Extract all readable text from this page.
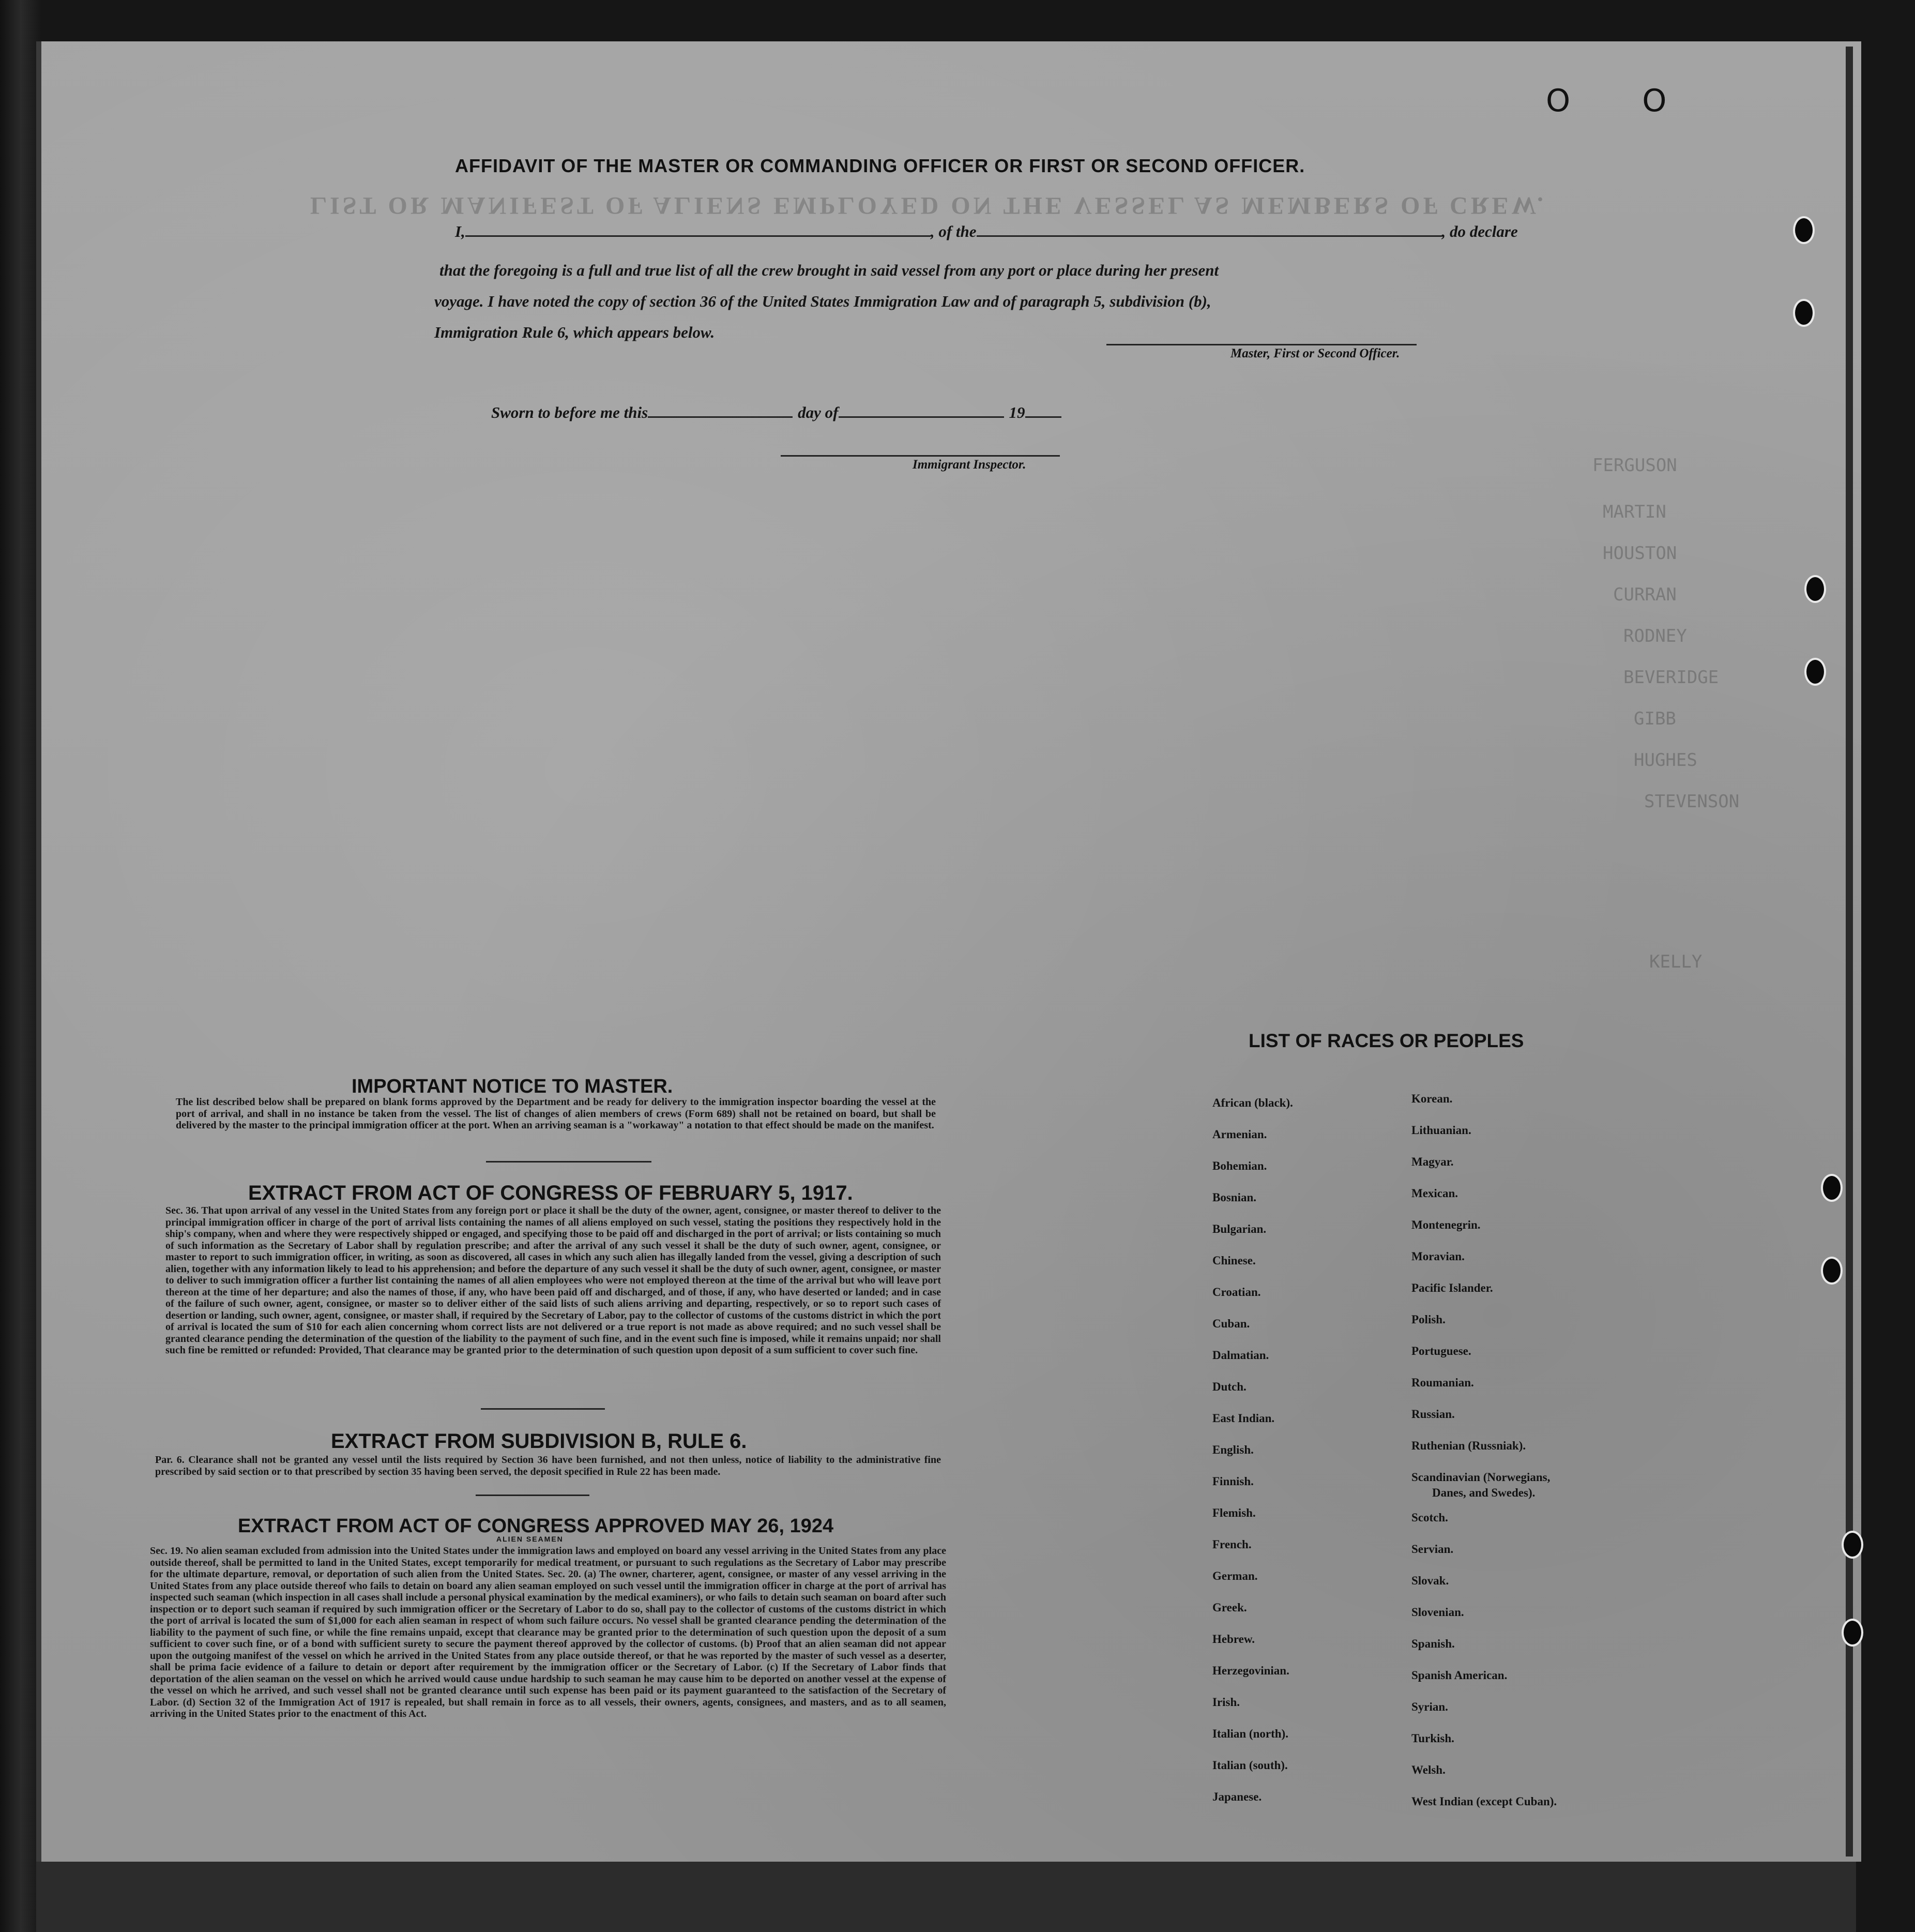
O O
LIST OR MANIFEST OF ALIENS EMPLOYED ON THE VESSEL AS MEMBERS OF CREW.
FERGUSON
MARTIN
HOUSTON
CURRAN
RODNEY
BEVERIDGE
GIBB
HUGHES
STEVENSON
KELLY
AFFIDAVIT OF THE MASTER OR COMMANDING OFFICER OR FIRST OR SECOND OFFICER.
I,	, of the	, do declare
that the foregoing is a full and true list of all the crew brought in said vessel from any port or place during her present
voyage. I have noted the copy of section 36 of the United States Immigration Law and of paragraph 5, subdivision (b),
Immigration Rule 6, which appears below.
Master, First or Second Officer.
Sworn to before me this	day of	19
Immigrant Inspector.
IMPORTANT NOTICE TO MASTER.
The list described below shall be prepared on blank forms approved by the Department and be ready for delivery to the immigration inspector boarding the vessel at the port of arrival, and shall in no instance be taken from the vessel. The list of changes of alien members of crews (Form 689) shall not be retained on board, but shall be delivered by the master to the principal immigration officer at the port. When an arriving seaman is a "workaway" a notation to that effect should be made on the manifest.
EXTRACT FROM ACT OF CONGRESS OF FEBRUARY 5, 1917.
Sec. 36. That upon arrival of any vessel in the United States from any foreign port or place it shall be the duty of the owner, agent, consignee, or master thereof to deliver to the principal immigration officer in charge of the port of arrival lists containing the names of all aliens employed on such vessel, stating the positions they respectively hold in the ship's company, when and where they were respectively shipped or engaged, and specifying those to be paid off and discharged in the port of arrival; or lists containing so much of such information as the Secretary of Labor shall by regulation prescribe; and after the arrival of any such vessel it shall be the duty of such owner, agent, consignee, or master to report to such immigration officer, in writing, as soon as discovered, all cases in which any such alien has illegally landed from the vessel, giving a description of such alien, together with any information likely to lead to his apprehension; and before the departure of any such vessel it shall be the duty of such owner, agent, consignee, or master to deliver to such immigration officer a further list containing the names of all alien employees who were not employed thereon at the time of the arrival but who will leave port thereon at the time of her departure; and also the names of those, if any, who have been paid off and discharged, and of those, if any, who have deserted or landed; and in case of the failure of such owner, agent, consignee, or master so to deliver either of the said lists of such aliens arriving and departing, respectively, or so to report such cases of desertion or landing, such owner, agent, consignee, or master shall, if required by the Secretary of Labor, pay to the collector of customs of the customs district in which the port of arrival is located the sum of $10 for each alien concerning whom correct lists are not delivered or a true report is not made as above required; and no such vessel shall be granted clearance pending the determination of the question of the liability to the payment of such fine, and in the event such fine is imposed, while it remains unpaid; nor shall such fine be remitted or refunded: Provided, That clearance may be granted prior to the determination of such question upon deposit of a sum sufficient to cover such fine.
EXTRACT FROM SUBDIVISION B, RULE 6.
Par. 6. Clearance shall not be granted any vessel until the lists required by Section 36 have been furnished, and not then unless, notice of liability to the administrative fine prescribed by said section or to that prescribed by section 35 having been served, the deposit specified in Rule 22 has been made.
EXTRACT FROM ACT OF CONGRESS APPROVED MAY 26, 1924
ALIEN SEAMEN
Sec. 19. No alien seaman excluded from admission into the United States under the immigration laws and employed on board any vessel arriving in the United States from any place outside thereof, shall be permitted to land in the United States, except temporarily for medical treatment, or pursuant to such regulations as the Secretary of Labor may prescribe for the ultimate departure, removal, or deportation of such alien from the United States. Sec. 20. (a) The owner, charterer, agent, consignee, or master of any vessel arriving in the United States from any place outside thereof who fails to detain on board any alien seaman employed on such vessel until the immigration officer in charge at the port of arrival has inspected such seaman (which inspection in all cases shall include a personal physical examination by the medical examiners), or who fails to detain such seaman on board after such inspection or to deport such seaman if required by such immigration officer or the Secretary of Labor to do so, shall pay to the collector of customs of the customs district in which the port of arrival is located the sum of $1,000 for each alien seaman in respect of whom such failure occurs. No vessel shall be granted clearance pending the determination of the liability to the payment of such fine, or while the fine remains unpaid, except that clearance may be granted prior to the determination of such question upon the deposit of a sum sufficient to cover such fine, or of a bond with sufficient surety to secure the payment thereof approved by the collector of customs. (b) Proof that an alien seaman did not appear upon the outgoing manifest of the vessel on which he arrived in the United States from any place outside thereof, or that he was reported by the master of such vessel as a deserter, shall be prima facie evidence of a failure to detain or deport after requirement by the immigration officer or the Secretary of Labor. (c) If the Secretary of Labor finds that deportation of the alien seaman on the vessel on which he arrived would cause undue hardship to such seaman he may cause him to be deported on another vessel at the expense of the vessel on which he arrived, and such vessel shall not be granted clearance until such expense has been paid or its payment guaranteed to the satisfaction of the Secretary of Labor. (d) Section 32 of the Immigration Act of 1917 is repealed, but shall remain in force as to all vessels, their owners, agents, consignees, and masters, and as to all seamen, arriving in the United States prior to the enactment of this Act.
LIST OF RACES OR PEOPLES
African (black).
Armenian.
Bohemian.
Bosnian.
Bulgarian.
Chinese.
Croatian.
Cuban.
Dalmatian.
Dutch.
East Indian.
English.
Finnish.
Flemish.
French.
German.
Greek.
Hebrew.
Herzegovinian.
Irish.
Italian (north).
Italian (south).
Japanese.
Korean.
Lithuanian.
Magyar.
Mexican.
Montenegrin.
Moravian.
Pacific Islander.
Polish.
Portuguese.
Roumanian.
Russian.
Ruthenian (Russniak).
Scandinavian (Norwegians,
Danes, and Swedes).
Scotch.
Servian.
Slovak.
Slovenian.
Spanish.
Spanish American.
Syrian.
Turkish.
Welsh.
West Indian (except Cuban).
